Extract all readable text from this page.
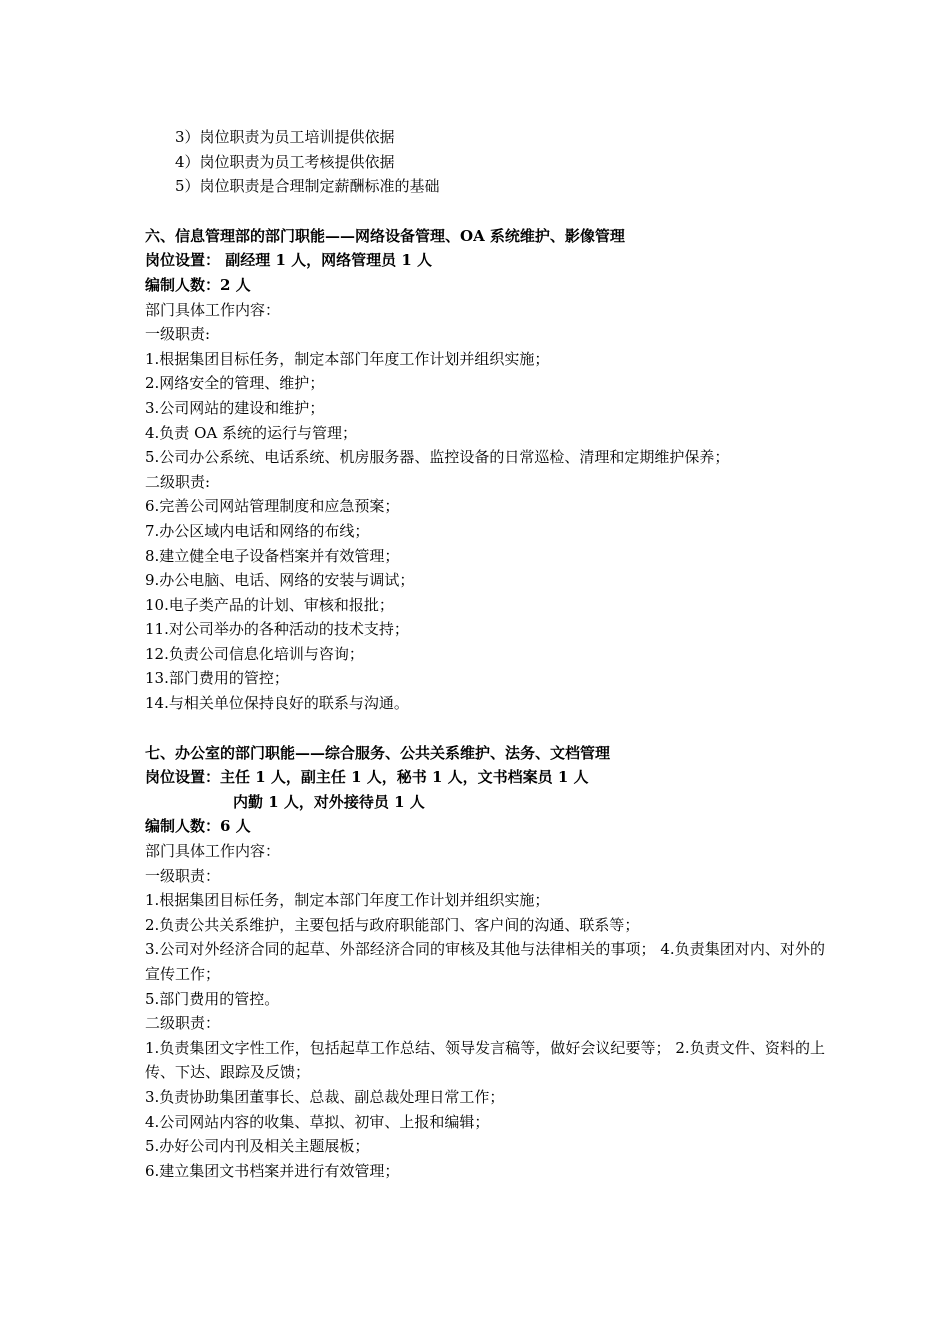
3）岗位职责为员工培训提供依据
4）岗位职责为员工考核提供依据
5）岗位职责是合理制定薪酬标准的基础
六、信息管理部的部门职能——网络设备管理、OA 系统维护、影像管理
岗位设置： 副经理 1 人，网络管理员 1 人
编制人数：2 人
部门具体工作内容：
一级职责:
1.根据集团目标任务，制定本部门年度工作计划并组织实施；
2.网络安全的管理、维护；
3.公司网站的建设和维护；
4.负责 OA 系统的运行与管理；
5.公司办公系统、电话系统、机房服务器、监控设备的日常巡检、清理和定期维护保养；
二级职责:
6.完善公司网站管理制度和应急预案；
7.办公区域内电话和网络的布线；
8.建立健全电子设备档案并有效管理；
9.办公电脑、电话、网络的安装与调试；
10.电子类产品的计划、审核和报批；
11.对公司举办的各种活动的技术支持；
12.负责公司信息化培训与咨询；
13.部门费用的管控；
14.与相关单位保持良好的联系与沟通。
七、办公室的部门职能——综合服务、公共关系维护、法务、文档管理
岗位设置：主任 1 人，副主任 1 人，秘书 1 人，文书档案员 1 人
内勤 1 人，对外接待员 1 人
编制人数：6 人
部门具体工作内容：
一级职责：
1.根据集团目标任务，制定本部门年度工作计划并组织实施；
2.负责公共关系维护，主要包括与政府职能部门、客户间的沟通、联系等；
3.公司对外经济合同的起草、外部经济合同的审核及其他与法律相关的事项； 4.负责集团对内、对外的宣传工作；
5.部门费用的管控。
二级职责：
1.负责集团文字性工作，包括起草工作总结、领导发言稿等，做好会议纪要等； 2.负责文件、资料的上传、下达、跟踪及反馈；
3.负责协助集团董事长、总裁、副总裁处理日常工作；
4.公司网站内容的收集、草拟、初审、上报和编辑；
5.办好公司内刊及相关主题展板；
6.建立集团文书档案并进行有效管理；
